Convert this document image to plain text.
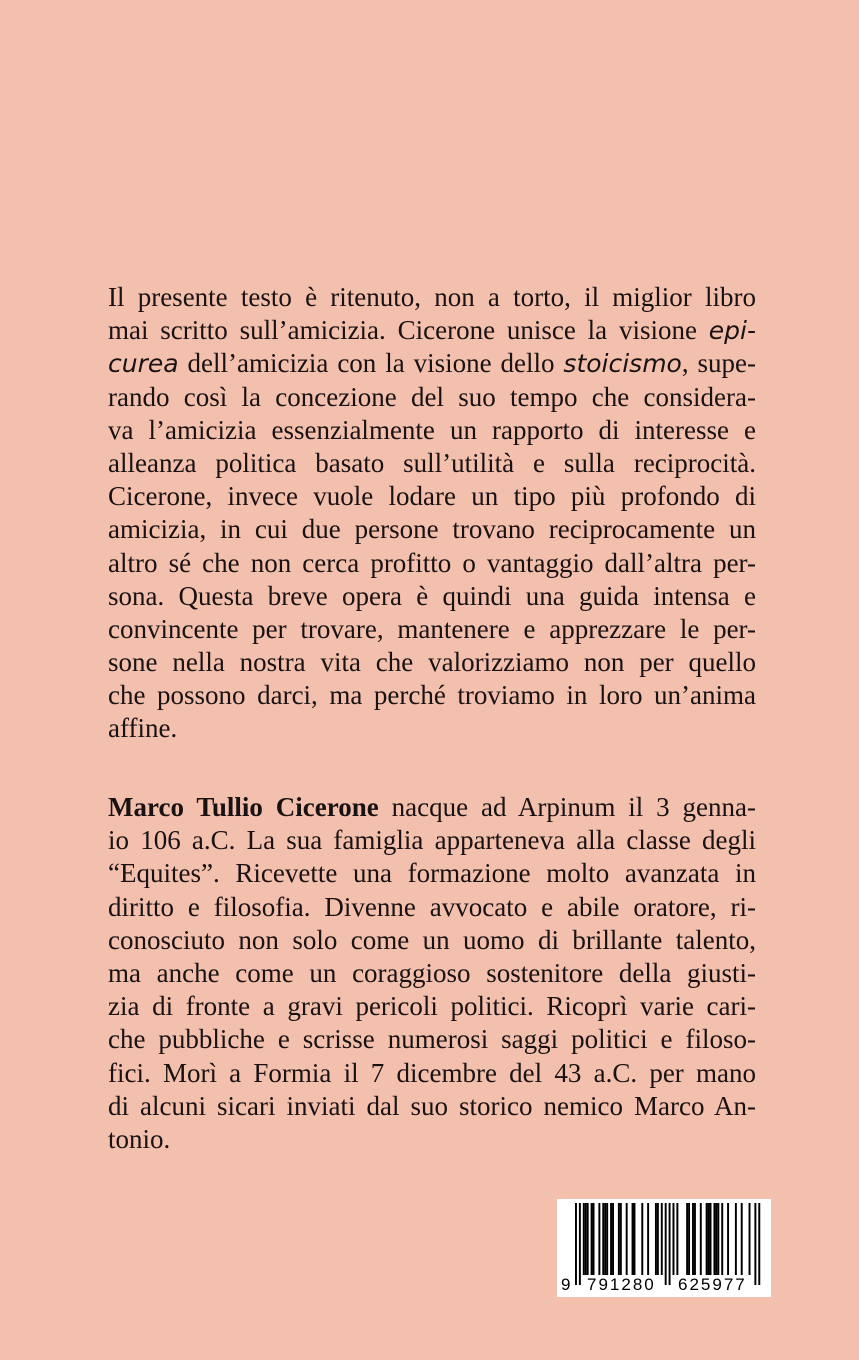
Il presente testo è ritenuto, non a torto, il miglior libro
mai scritto sull’amicizia. Cicerone unisce la visione epi-
curea dell’amicizia con la visione dello stoicismo, supe-
rando così la concezione del suo tempo che considera-
va l’amicizia essenzialmente un rapporto di interesse e
alleanza politica basato sull’utilità e sulla reciprocità.
Cicerone, invece vuole lodare un tipo più profondo di
amicizia, in cui due persone trovano reciprocamente un
altro sé che non cerca profitto o vantaggio dall’altra per-
sona. Questa breve opera è quindi una guida intensa e
convincente per trovare, mantenere e apprezzare le per-
sone nella nostra vita che valorizziamo non per quello
che possono darci, ma perché troviamo in loro un’anima
affine.
Marco Tullio Cicerone nacque ad Arpinum il 3 genna-
io 106 a.C. La sua famiglia apparteneva alla classe degli
“Equites”. Ricevette una formazione molto avanzata in
diritto e filosofia. Divenne avvocato e abile oratore, ri-
conosciuto non solo come un uomo di brillante talento,
ma anche come un coraggioso sostenitore della giusti-
zia di fronte a gravi pericoli politici. Ricoprì varie cari-
che pubbliche e scrisse numerosi saggi politici e filoso-
fici. Morì a Formia il 7 dicembre del 43 a.C. per mano
di alcuni sicari inviati dal suo storico nemico Marco An-
tonio.
9 791280 625977
